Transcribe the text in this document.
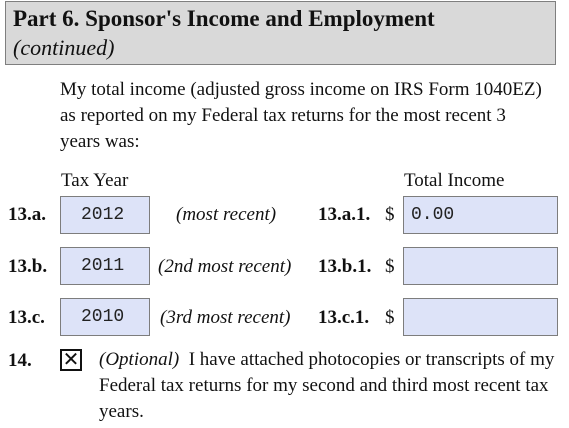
Part 6. Sponsor's Income and Employment
(continued)

My total income (adjusted gross income on IRS Form 1040EZ) as reported on my Federal tax returns for the most recent 3 years was:

Tax Year	Total Income
13.a.	2012	(most recent) 13.a.1. $ 0.00
13.b.	2011	(2nd most recent) 13.b.1. $
13.c.	2010	(3rd most recent) 13.c.1. $
14. ✕ (Optional) I have attached photocopies or transcripts of my Federal tax returns for my second and third most recent tax years.
